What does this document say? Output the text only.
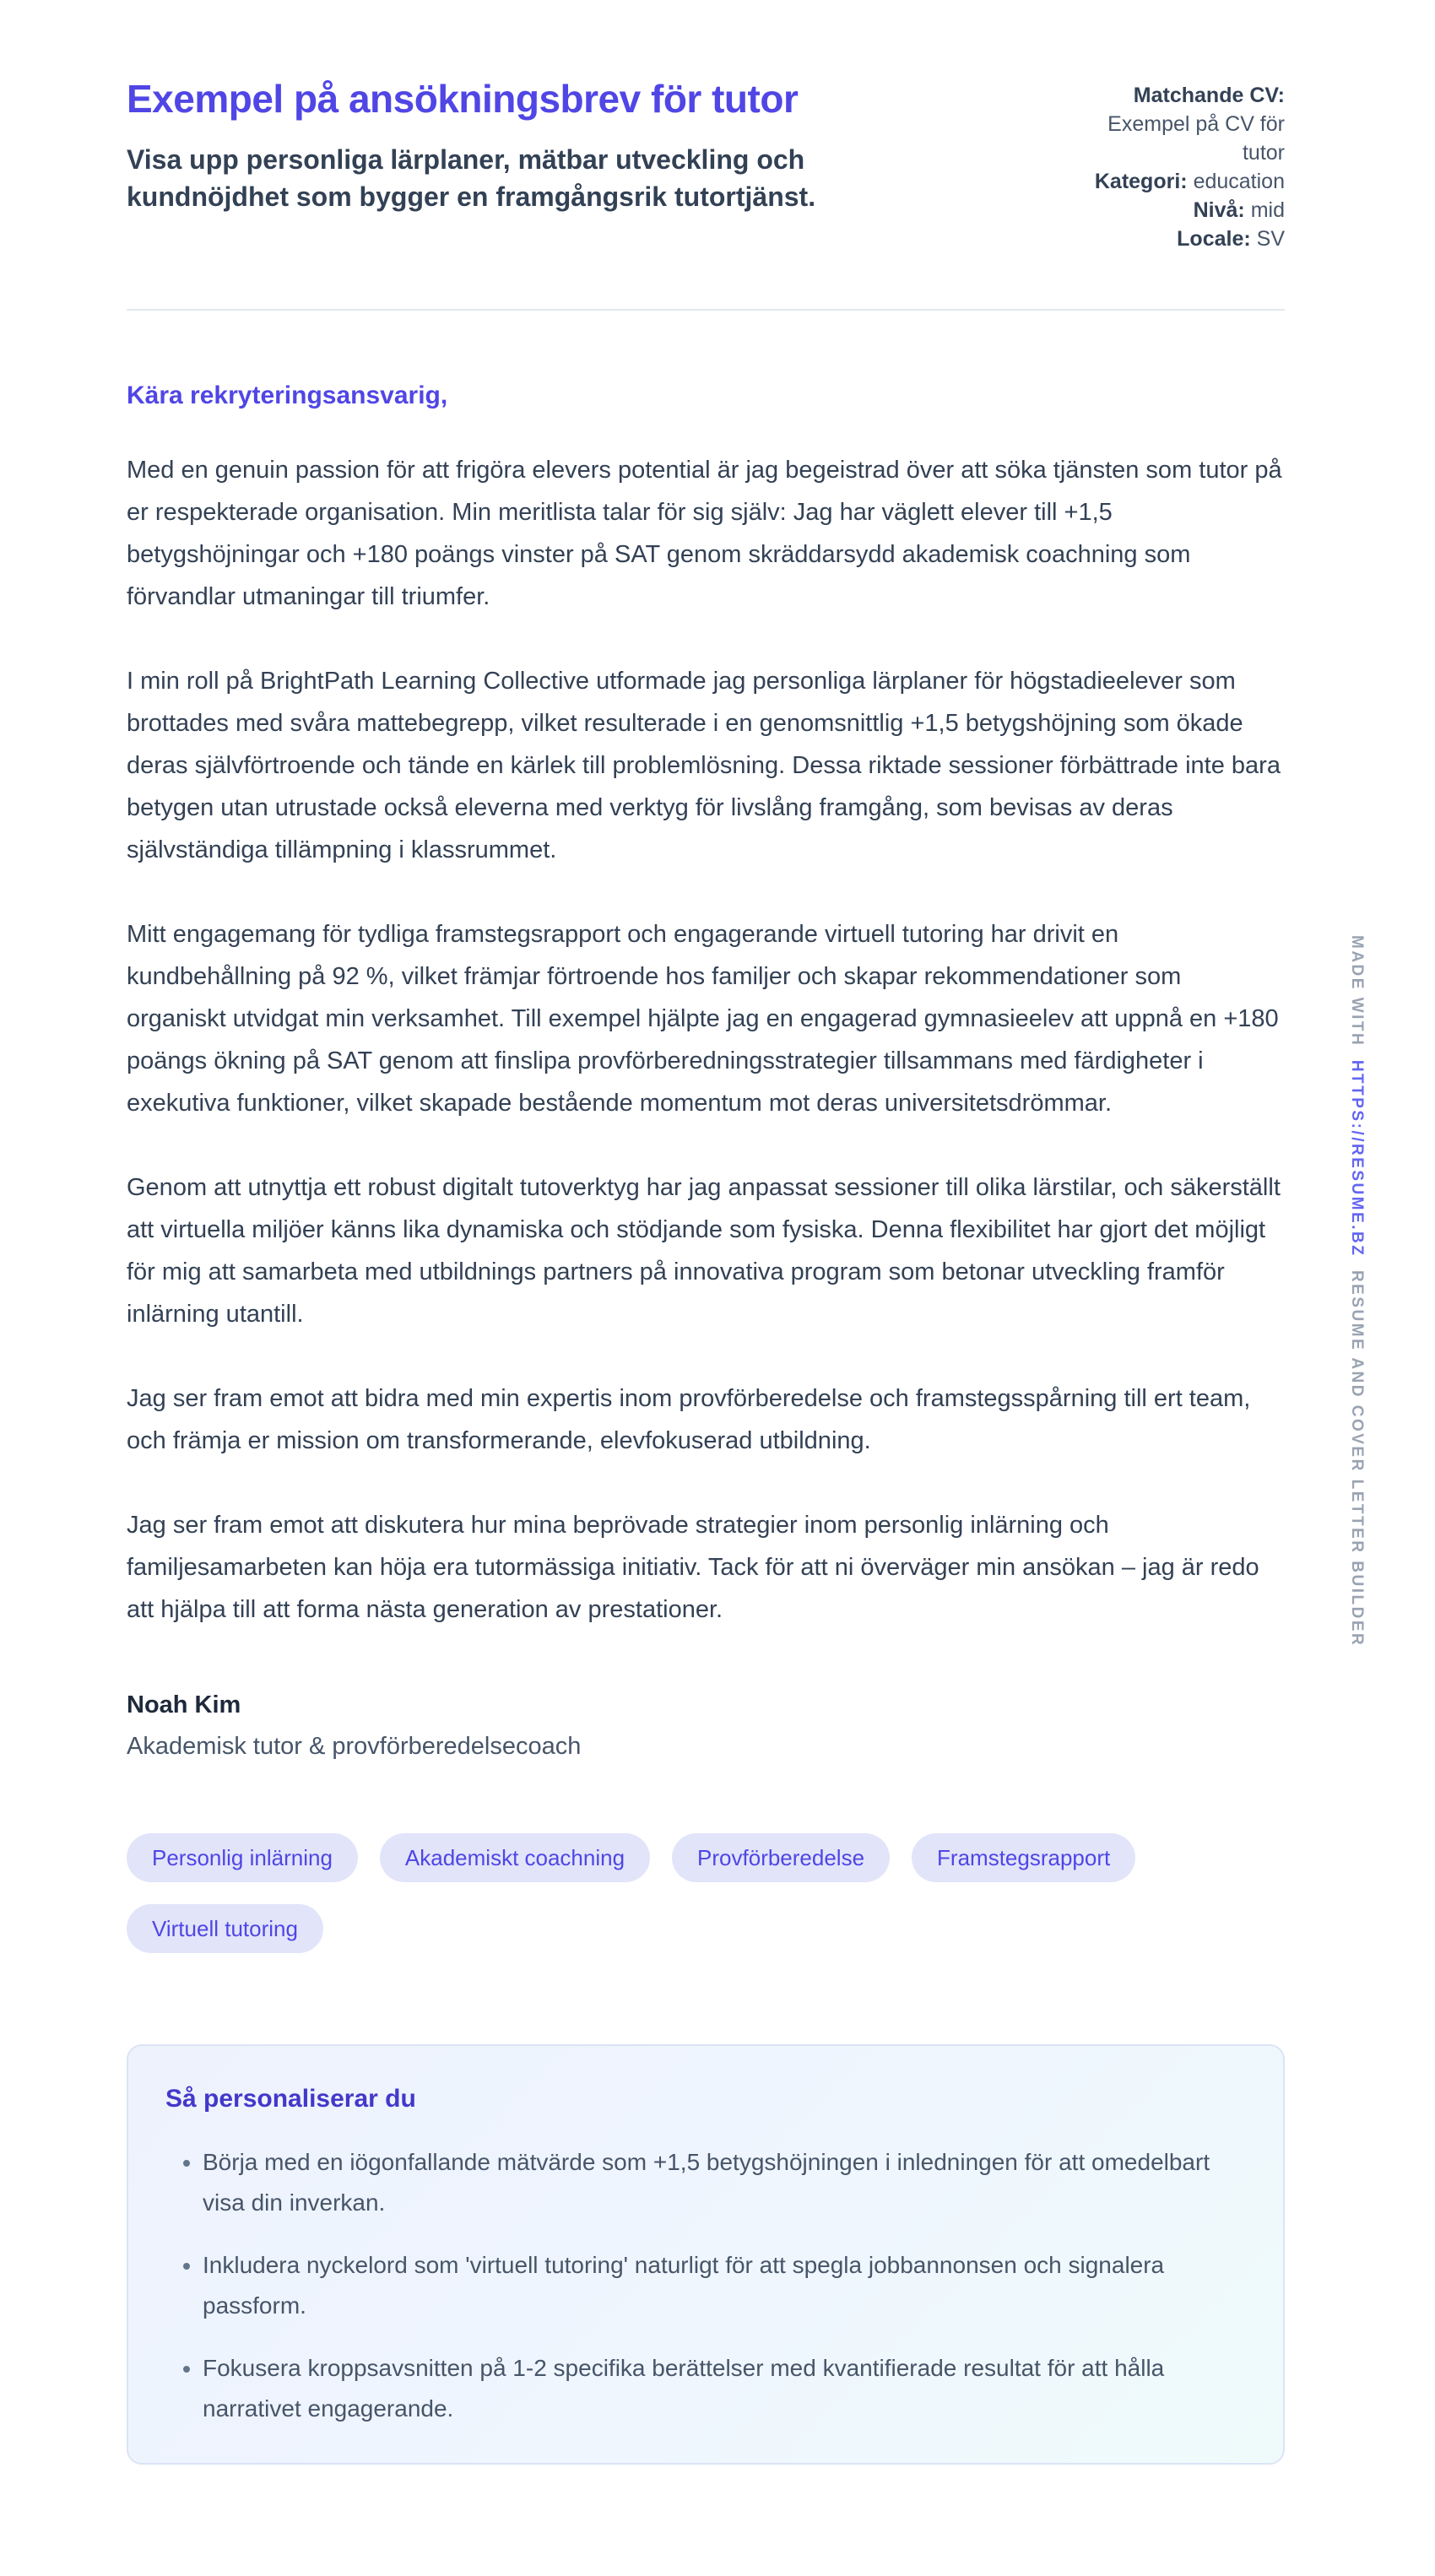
Exempel på ansökningsbrev för tutor

Visa upp personliga lärplaner, mätbar utveckling och kundnöjdhet som bygger en framgångsrik tutortjänst.

Matchande CV:
Exempel på CV för tutor
Kategori: education
Nivå: mid
Locale: SV

Kära rekryteringsansvarig,

Med en genuin passion för att frigöra elevers potential är jag begeistrad över att söka tjänsten som tutor på er respekterade organisation. Min meritlista talar för sig själv: Jag har väglett elever till +1,5 betygshöjningar och +180 poängs vinster på SAT genom skräddarsydd akademisk coachning som förvandlar utmaningar till triumfer.

I min roll på BrightPath Learning Collective utformade jag personliga lärplaner för högstadieelever som brottades med svåra mattebegrepp, vilket resulterade i en genomsnittlig +1,5 betygshöjning som ökade deras självförtroende och tände en kärlek till problemlösning. Dessa riktade sessioner förbättrade inte bara betygen utan utrustade också eleverna med verktyg för livslång framgång, som bevisas av deras självständiga tillämpning i klassrummet.

Mitt engagemang för tydliga framstegsrapport och engagerande virtuell tutoring har drivit en kundbehållning på 92 %, vilket främjar förtroende hos familjer och skapar rekommendationer som organiskt utvidgat min verksamhet. Till exempel hjälpte jag en engagerad gymnasieelev att uppnå en +180 poängs ökning på SAT genom att finslipa provförberedningsstrategier tillsammans med färdigheter i exekutiva funktioner, vilket skapade bestående momentum mot deras universitetsdrömmar.

Genom att utnyttja ett robust digitalt tutoverktyg har jag anpassat sessioner till olika lärstilar, och säkerställt att virtuella miljöer känns lika dynamiska och stödjande som fysiska. Denna flexibilitet har gjort det möjligt för mig att samarbeta med utbildnings partners på innovativa program som betonar utveckling framför inlärning utantill.

Jag ser fram emot att bidra med min expertis inom provförberedelse och framstegsspårning till ert team, och främja er mission om transformerande, elevfokuserad utbildning.

Jag ser fram emot att diskutera hur mina beprövade strategier inom personlig inlärning och familjesamarbeten kan höja era tutormässiga initiativ. Tack för att ni överväger min ansökan – jag är redo att hjälpa till att forma nästa generation av prestationer.

Noah Kim

Akademisk tutor & provförberedelsecoach

Personlig inlärning	Akademiskt coachning	Provförberedelse	Framstegsrapport
Virtuell tutoring
Så personaliserar du
• Börja med en iögonfallande mätvärde som +1,5 betygshöjningen i inledningen för att omedelbart visa din inverkan.
• Inkludera nyckelord som 'virtuell tutoring' naturligt för att spegla jobbannonsen och signalera passform.
• Fokusera kroppsavsnitten på 1-2 specifika berättelser med kvantifierade resultat för att hålla narrativet engagerande.
MADE WITH  HTTPS://RESUME.BZ  RESUME AND COVER LETTER BUILDER
